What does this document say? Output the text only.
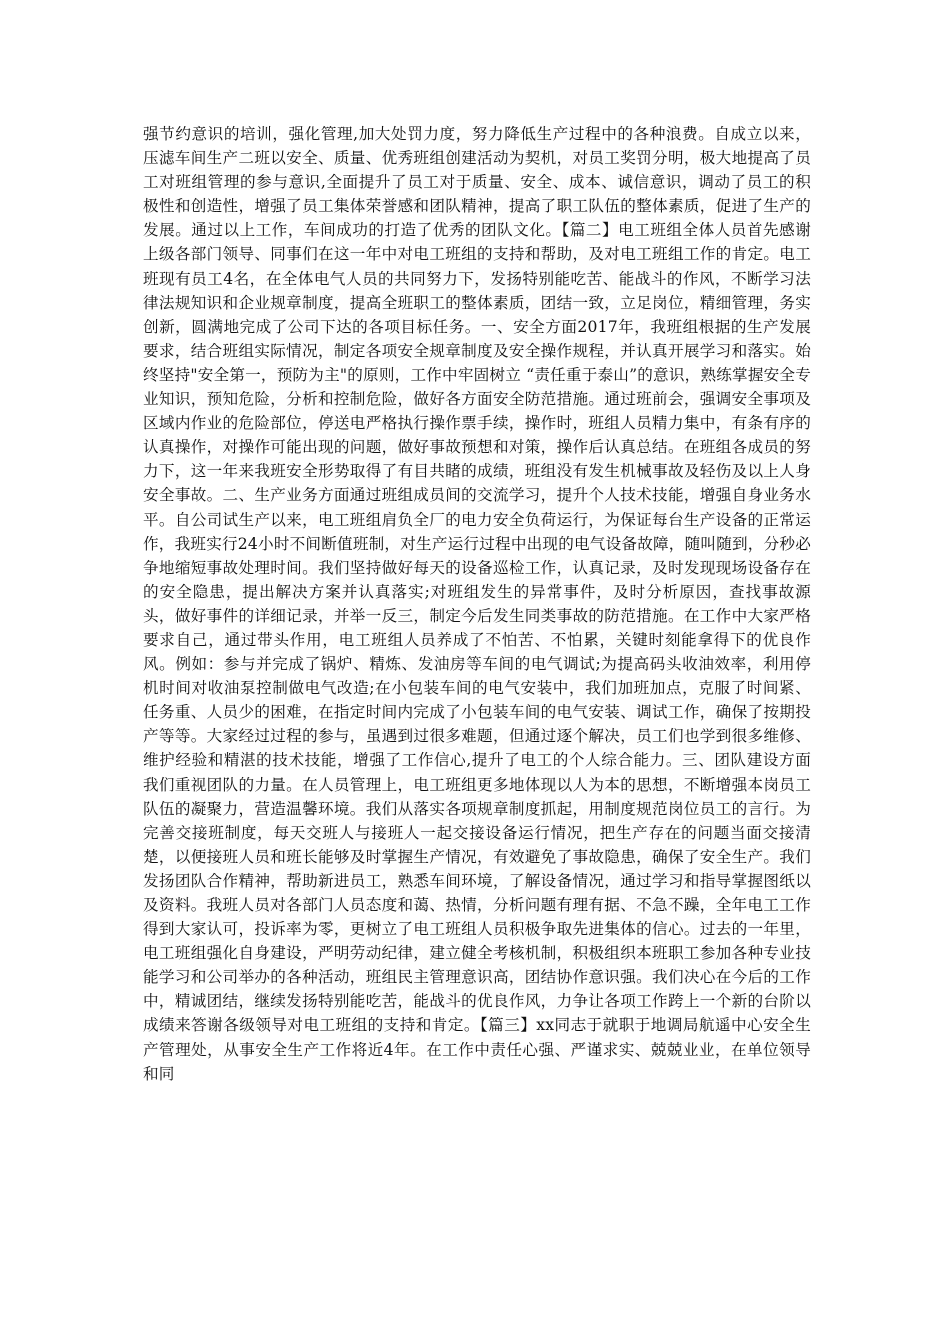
强节约意识的培训，强化管理,加大处罚力度，努力降低生产过程中的各种浪费。自成立以来，压滤车间生产二班以安全、质量、优秀班组创建活动为契机，对员工奖罚分明，极大地提高了员工对班组管理的参与意识,全面提升了员工对于质量、安全、成本、诚信意识，调动了员工的积极性和创造性，增强了员工集体荣誉感和团队精神，提高了职工队伍的整体素质，促进了生产的发展。通过以上工作，车间成功的打造了优秀的团队文化。【篇二】电工班组全体人员首先感谢上级各部门领导、同事们在这一年中对电工班组的支持和帮助，及对电工班组工作的肯定。电工班现有员工4名，在全体电气人员的共同努力下，发扬特别能吃苦、能战斗的作风，不断学习法律法规知识和企业规章制度，提高全班职工的整体素质，团结一致，立足岗位，精细管理，务实创新，圆满地完成了公司下达的各项目标任务。一、安全方面2017年，我班组根据的生产发展要求，结合班组实际情况，制定各项安全规章制度及安全操作规程，并认真开展学习和落实。始终坚持"安全第一，预防为主"的原则，工作中牢固树立 “责任重于泰山”的意识，熟练掌握安全专业知识，预知危险，分析和控制危险，做好各方面安全防范措施。通过班前会，强调安全事项及区域内作业的危险部位，停送电严格执行操作票手续，操作时，班组人员精力集中，有条有序的认真操作，对操作可能出现的问题，做好事故预想和对策，操作后认真总结。在班组各成员的努力下，这一年来我班安全形势取得了有目共睹的成绩，班组没有发生机械事故及轻伤及以上人身安全事故。二、生产业务方面通过班组成员间的交流学习，提升个人技术技能，增强自身业务水平。自公司试生产以来，电工班组肩负全厂的电力安全负荷运行，为保证每台生产设备的正常运作，我班实行24小时不间断值班制，对生产运行过程中出现的电气设备故障，随叫随到，分秒必争地缩短事故处理时间。我们坚持做好每天的设备巡检工作，认真记录，及时发现现场设备存在的安全隐患，提出解决方案并认真落实;对班组发生的异常事件，及时分析原因，查找事故源头，做好事件的详细记录，并举一反三，制定今后发生同类事故的防范措施。在工作中大家严格要求自己，通过带头作用，电工班组人员养成了不怕苦、不怕累，关键时刻能拿得下的优良作风。例如：参与并完成了锅炉、精炼、发油房等车间的电气调试;为提高码头收油效率，利用停机时间对收油泵控制做电气改造;在小包装车间的电气安装中，我们加班加点，克服了时间紧、任务重、人员少的困难，在指定时间内完成了小包装车间的电气安装、调试工作，确保了按期投产等等。大家经过过程的参与，虽遇到过很多难题，但通过逐个解决，员工们也学到很多维修、维护经验和精湛的技术技能，增强了工作信心,提升了电工的个人综合能力。三、团队建设方面我们重视团队的力量。在人员管理上，电工班组更多地体现以人为本的思想，不断增强本岗员工队伍的凝聚力，营造温馨环境。我们从落实各项规章制度抓起，用制度规范岗位员工的言行。为完善交接班制度，每天交班人与接班人一起交接设备运行情况，把生产存在的问题当面交接清楚，以便接班人员和班长能够及时掌握生产情况，有效避免了事故隐患，确保了安全生产。我们发扬团队合作精神，帮助新进员工，熟悉车间环境，了解设备情况，通过学习和指导掌握图纸以及资料。我班人员对各部门人员态度和蔼、热情，分析问题有理有据、不急不躁，全年电工工作得到大家认可，投诉率为零，更树立了电工班组人员积极争取先进集体的信心。过去的一年里，电工班组强化自身建设，严明劳动纪律，建立健全考核机制，积极组织本班职工参加各种专业技能学习和公司举办的各种活动，班组民主管理意识高，团结协作意识强。我们决心在今后的工作中，精诚团结，继续发扬特别能吃苦，能战斗的优良作风，力争让各项工作跨上一个新的台阶以成绩来答谢各级领导对电工班组的支持和肯定。【篇三】xx同志于就职于地调局航遥中心安全生产管理处，从事安全生产工作将近4年。在工作中责任心强、严谨求实、兢兢业业，在单位领导和同
